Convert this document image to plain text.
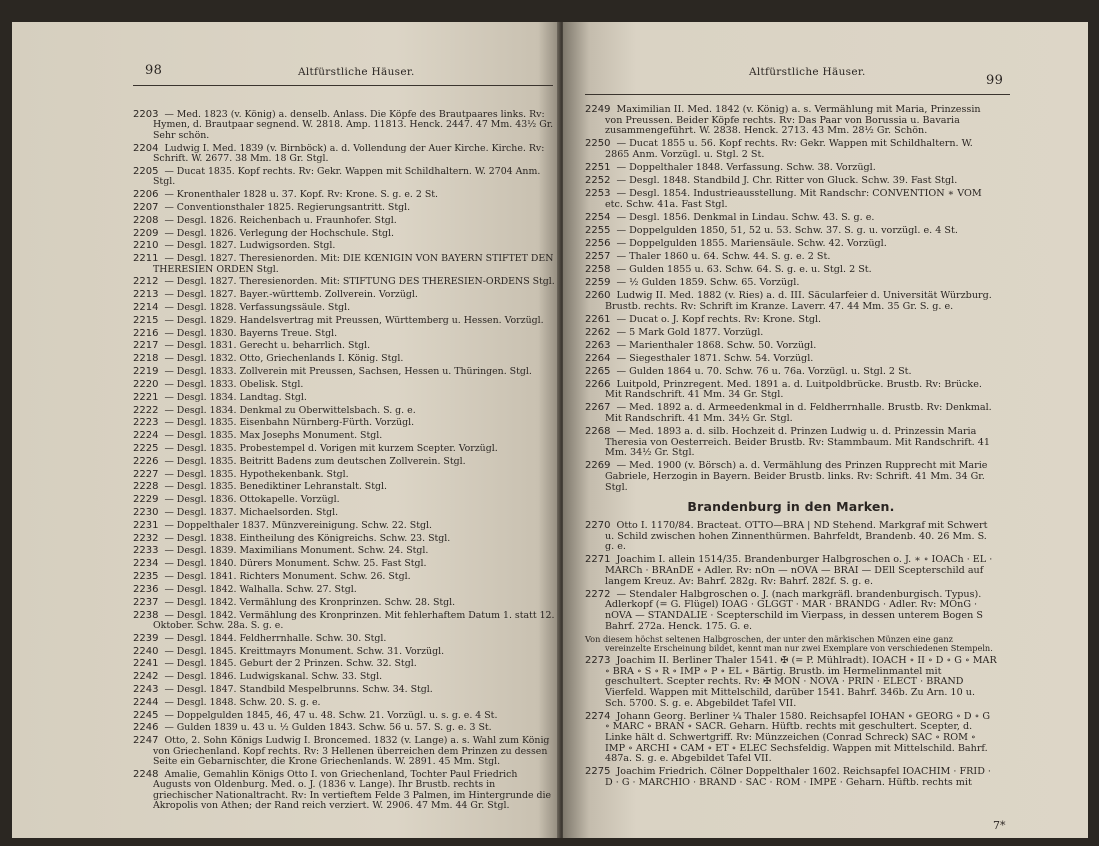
98	Altfürstliche Häuser.
2203 — Med. 1823 (v. König) a. denselb. Anlass. Die Köpfe des Brautpaares links. Rv: Hymen, d. Brautpaar segnend. W. 2818. Amp. 11813. Henck. 2447. 47 Mm. 43½ Gr. Sehr schön.
2204 Ludwig I. Med. 1839 (v. Birnböck) a. d. Vollendung der Auer Kirche. Kirche. Rv: Schrift. W. 2677. 38 Mm. 18 Gr. Stgl.
2205 — Ducat 1835. Kopf rechts. Rv: Gekr. Wappen mit Schildhaltern. W. 2704 Anm. Stgl.
2206 — Kronenthaler 1828 u. 37. Kopf. Rv: Krone. S. g. e. 2 St.
2207 — Conventionsthaler 1825. Regierungsantritt. Stgl.
2208 — Desgl. 1826. Reichenbach u. Fraunhofer. Stgl.
2209 — Desgl. 1826. Verlegung der Hochschule. Stgl.
2210 — Desgl. 1827. Ludwigsorden. Stgl.
2211 — Desgl. 1827. Theresienorden. Mit: DIE KŒNIGIN VON BAYERN STIFTET DEN THERESIEN ORDEN Stgl.
2212 — Desgl. 1827. Theresienorden. Mit: STIFTUNG DES THERESIEN-ORDENS Stgl.
2213 — Desgl. 1827. Bayer.-württemb. Zollverein. Vorzügl.
2214 — Desgl. 1828. Verfassungssäule. Stgl.
2215 — Desgl. 1829. Handelsvertrag mit Preussen, Württemberg u. Hessen. Vorzügl.
2216 — Desgl. 1830. Bayerns Treue. Stgl.
2217 — Desgl. 1831. Gerecht u. beharrlich. Stgl.
2218 — Desgl. 1832. Otto, Griechenlands I. König. Stgl.
2219 — Desgl. 1833. Zollverein mit Preussen, Sachsen, Hessen u. Thüringen. Stgl.
2220 — Desgl. 1833. Obelisk. Stgl.
2221 — Desgl. 1834. Landtag. Stgl.
2222 — Desgl. 1834. Denkmal zu Oberwittelsbach. S. g. e.
2223 — Desgl. 1835. Eisenbahn Nürnberg-Fürth. Vorzügl.
2224 — Desgl. 1835. Max Josephs Monument. Stgl.
2225 — Desgl. 1835. Probestempel d. Vorigen mit kurzem Scepter. Vorzügl.
2226 — Desgl. 1835. Beitritt Badens zum deutschen Zollverein. Stgl.
2227 — Desgl. 1835. Hypothekenbank. Stgl.
2228 — Desgl. 1835. Benediktiner Lehranstalt. Stgl.
2229 — Desgl. 1836. Ottokapelle. Vorzügl.
2230 — Desgl. 1837. Michaelsorden. Stgl.
2231 — Doppelthaler 1837. Münzvereinigung. Schw. 22. Stgl.
2232 — Desgl. 1838. Eintheilung des Königreichs. Schw. 23. Stgl.
2233 — Desgl. 1839. Maximilians Monument. Schw. 24. Stgl.
2234 — Desgl. 1840. Dürers Monument. Schw. 25. Fast Stgl.
2235 — Desgl. 1841. Richters Monument. Schw. 26. Stgl.
2236 — Desgl. 1842. Walhalla. Schw. 27. Stgl.
2237 — Desgl. 1842. Vermählung des Kronprinzen. Schw. 28. Stgl.
2238 — Desgl. 1842. Vermählung des Kronprinzen. Mit fehlerhaftem Datum 1. statt 12. Oktober. Schw. 28a. S. g. e.
2239 — Desgl. 1844. Feldherrnhalle. Schw. 30. Stgl.
2240 — Desgl. 1845. Kreittmayrs Monument. Schw. 31. Vorzügl.
2241 — Desgl. 1845. Geburt der 2 Prinzen. Schw. 32. Stgl.
2242 — Desgl. 1846. Ludwigskanal. Schw. 33. Stgl.
2243 — Desgl. 1847. Standbild Mespelbrunns. Schw. 34. Stgl.
2244 — Desgl. 1848. Schw. 20. S. g. e.
2245 — Doppelgulden 1845, 46, 47 u. 48. Schw. 21. Vorzügl. u. s. g. e. 4 St.
2246 — Gulden 1839 u. 43 u. ½ Gulden 1843. Schw. 56 u. 57. S. g. e. 3 St.
2247 Otto, 2. Sohn Königs Ludwig I. Broncemed. 1832 (v. Lange) a. s. Wahl zum König von Griechenland. Kopf rechts. Rv: 3 Hellenen überreichen dem Prinzen zu dessen Seite ein Gebarnischter, die Krone Griechenlands. W. 2891. 45 Mm. Stgl.
2248 Amalie, Gemahlin Königs Otto I. von Griechenland, Tochter Paul Friedrich Augusts von Oldenburg. Med. o. J. (1836 v. Lange). Ihr Brustb. rechts in griechischer Nationaltracht. Rv: In vertieftem Felde 3 Palmen, im Hintergrunde die Akropolis von Athen; der Rand reich verziert. W. 2906. 47 Mm. 44 Gr. Stgl.
Altfürstliche Häuser.
99
2249 Maximilian II. Med. 1842 (v. König) a. s. Vermählung mit Maria, Prinzessin von Preussen. Beider Köpfe rechts. Rv: Das Paar von Borussia u. Bavaria zusammengeführt. W. 2838. Henck. 2713. 43 Mm. 28½ Gr. Schön.
2250 — Ducat 1855 u. 56. Kopf rechts. Rv: Gekr. Wappen mit Schildhaltern. W. 2865 Anm. Vorzügl. u. Stgl. 2 St.
2251 — Doppelthaler 1848. Verfassung. Schw. 38. Vorzügl.
2252 — Desgl. 1848. Standbild J. Chr. Ritter von Gluck. Schw. 39. Fast Stgl.
2253 — Desgl. 1854. Industrieausstellung. Mit Randschr: CONVENTION ∗ VOM etc. Schw. 41a. Fast Stgl.
2254 — Desgl. 1856. Denkmal in Lindau. Schw. 43. S. g. e.
2255 — Doppelgulden 1850, 51, 52 u. 53. Schw. 37. S. g. u. vorzügl. e. 4 St.
2256 — Doppelgulden 1855. Mariensäule. Schw. 42. Vorzügl.
2257 — Thaler 1860 u. 64. Schw. 44. S. g. e. 2 St.
2258 — Gulden 1855 u. 63. Schw. 64. S. g. e. u. Stgl. 2 St.
2259 — ½ Gulden 1859. Schw. 65. Vorzügl.
2260 Ludwig II. Med. 1882 (v. Ries) a. d. III. Säcularfeier d. Universität Würzburg. Brustb. rechts. Rv: Schrift im Kranze. Laverr. 47. 44 Mm. 35 Gr. S. g. e.
2261 — Ducat o. J. Kopf rechts. Rv: Krone. Stgl.
2262 — 5 Mark Gold 1877. Vorzügl.
2263 — Marienthaler 1868. Schw. 50. Vorzügl.
2264 — Siegesthaler 1871. Schw. 54. Vorzügl.
2265 — Gulden 1864 u. 70. Schw. 76 u. 76a. Vorzügl. u. Stgl. 2 St.
2266 Luitpold, Prinzregent. Med. 1891 a. d. Luitpoldbrücke. Brustb. Rv: Brücke. Mit Randschrift. 41 Mm. 34 Gr. Stgl.
2267 — Med. 1892 a. d. Armeedenkmal in d. Feldherrnhalle. Brustb. Rv: Denkmal. Mit Randschrift. 41 Mm. 34½ Gr. Stgl.
2268 — Med. 1893 a. d. silb. Hochzeit d. Prinzen Ludwig u. d. Prinzessin Maria Theresia von Oesterreich. Beider Brustb. Rv: Stammbaum. Mit Randschrift. 41 Mm. 34½ Gr. Stgl.
2269 — Med. 1900 (v. Börsch) a. d. Vermählung des Prinzen Rupprecht mit Marie Gabriele, Herzogin in Bayern. Beider Brustb. links. Rv: Schrift. 41 Mm. 34 Gr. Stgl.
Brandenburg in den Marken.
2270 Otto I. 1170/84. Bracteat. OTTO—BRA | ND Stehend. Markgraf mit Schwert u. Schild zwischen hohen Zinnenthürmen. Bahrfeldt, Brandenb. 40. 26 Mm. S. g. e.
2271 Joachim I. allein 1514/35. Brandenburger Halbgroschen o. J. ∗ ∘ IOACh · EL · MARCh · BRAnDE ∘ Adler. Rv: nOn — nOVA — BRAI — DEll Scepterschild auf langem Kreuz. Av: Bahrf. 282g. Rv: Bahrf. 282f. S. g. e.
2272 — Stendaler Halbgroschen o. J. (nach markgräfl. brandenburgisch. Typus). Adlerkopf (= G. Flügel) IOAG · GLGGT · MAR · BRANDG · Adler. Rv: MOnG · nOVA — STANDALIE · Scepterschild im Vierpass, in dessen unterem Bogen S Bahrf. 272a. Henck. 175. G. e.
Von diesem höchst seltenen Halbgroschen, der unter den märkischen Münzen eine ganz vereinzelte Erscheinung bildet, kennt man nur zwei Exemplare von verschiedenen Stempeln.
2273 Joachim II. Berliner Thaler 1541. ✠ (= P. Mühlradt). IOACH ∘ II ∘ D ∘ G ∘ MAR ∘ BRA ∘ S ∘ R ∘ IMP ∘ P ∘ EL ∘ Bärtig. Brustb. im Hermelinmantel mit geschultert. Scepter rechts. Rv: ✠ MON · NOVA · PRIN · ELECT · BRAND Vierfeld. Wappen mit Mittelschild, darüber 1541. Bahrf. 346b. Zu Arn. 10 u. Sch. 5700. S. g. e. Abgebildet Tafel VII.
2274 Johann Georg. Berliner ¼ Thaler 1580. Reichsapfel IOHAN ∘ GEORG ∘ D ∘ G ∘ MARC ∘ BRAN ∘ SACR. Geharn. Hüftb. rechts mit geschultert. Scepter, d. Linke hält d. Schwertgriff. Rv: Münzzeichen (Conrad Schreck) SAC ∘ ROM ∘ IMP ∘ ARCHI ∘ CAM ∘ ET ∘ ELEC Sechsfeldig. Wappen mit Mittelschild. Bahrf. 487a. S. g. e. Abgebildet Tafel VII.
2275 Joachim Friedrich. Cölner Doppelthaler 1602. Reichsapfel IOACHIM · FRID · D · G · MARCHIO · BRAND · SAC · ROM · IMPE · Geharn. Hüftb. rechts mit
7*
